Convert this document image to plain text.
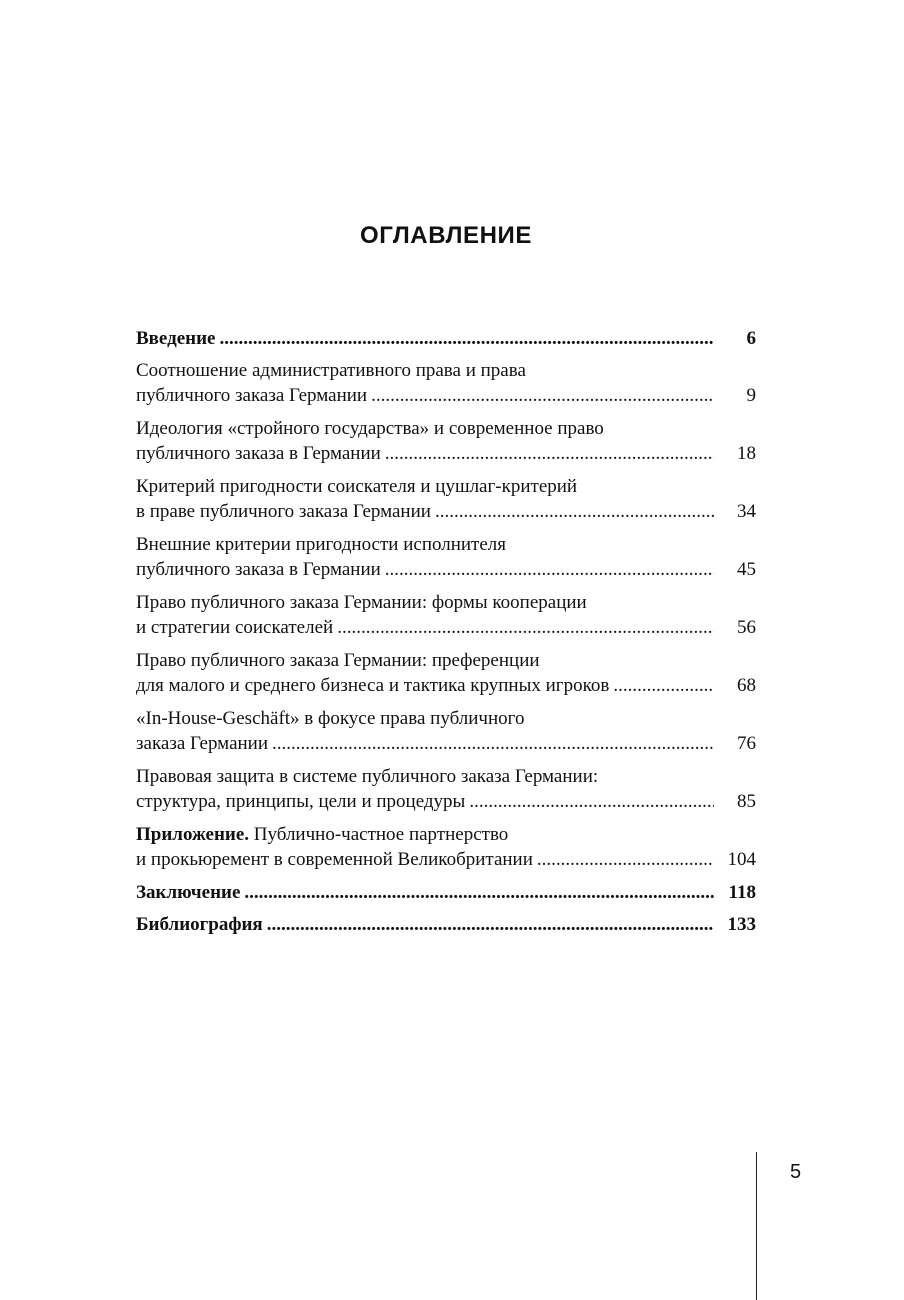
ОГЛАВЛЕНИЕ
Введение .....	6
Соотношение административного права и права
публичного заказа Германии .....	9
Идеология «стройного государства» и современное право
публичного заказа в Германии .....	18
Критерий пригодности соискателя и цушлаг-критерий
в праве публичного заказа Германии .....	34
Внешние критерии пригодности исполнителя
публичного заказа в Германии .....	45
Право публичного заказа Германии: формы кооперации
и стратегии соискателей .....	56
Право публичного заказа Германии: преференции
для малого и среднего бизнеса и тактика крупных игроков .....	68
«In-House-Geschäft» в фокусе права публичного
заказа Германии .....	76
Правовая защита в системе публичного заказа Германии:
структура, принципы, цели и процедуры .....	85
Приложение. Публично-частное партнерство
и прокьюремент в современной Великобритании .....	104
Заключение .....	118
Библиография .....	133
5
